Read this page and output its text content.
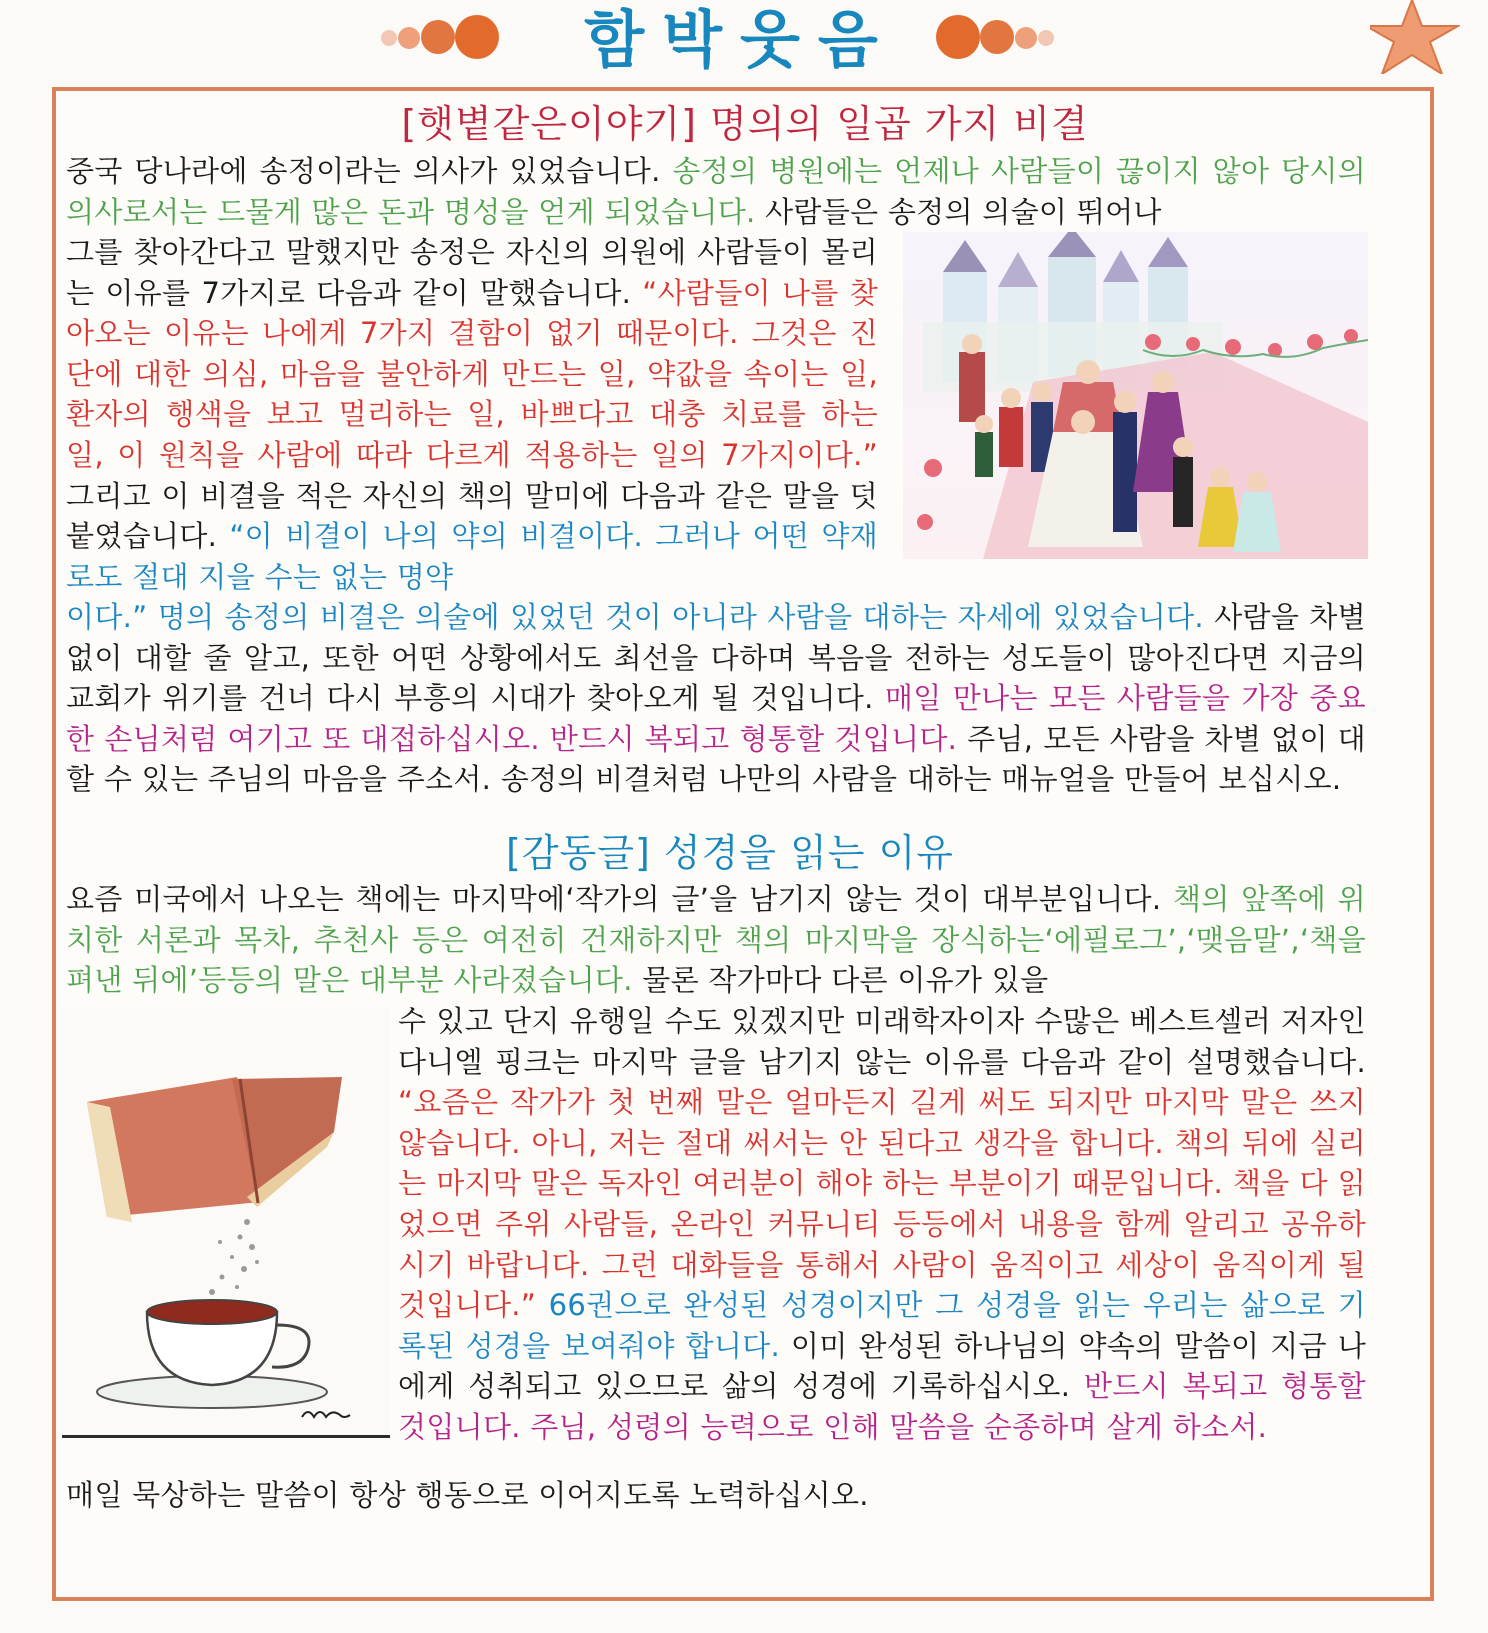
함박웃음
[햇볕같은이야기] 명의의 일곱 가지 비결

중국 당나라에 송정이라는 의사가 있었습니다. 송정의 병원에는 언제나 사람들이 끊이지 않아 당시의 의사로서는 드물게 많은 돈과 명성을 얻게 되었습니다. 사람들은 송정의 의술이 뛰어나

그를 찾아간다고 말했지만 송정은 자신의 의원에 사람들이 몰리는 이유를 7가지로 다음과 같이 말했습니다. “사람들이 나를 찾아오는 이유는 나에게 7가지 결함이 없기 때문이다. 그것은 진단에 대한 의심, 마음을 불안하게 만드는 일, 약값을 속이는 일, 환자의 행색을 보고 멀리하는 일, 바쁘다고 대충 치료를 하는 일, 이 원칙을 사람에 따라 다르게 적용하는 일의 7가지이다.” 그리고 이 비결을 적은 자신의 책의 말미에 다음과 같은 말을 덧붙였습니다. “이 비결이 나의 약의 비결이다. 그러나 어떤 약재로도 절대 지을 수는 없는 명약

이다.” 명의 송정의 비결은 의술에 있었던 것이 아니라 사람을 대하는 자세에 있었습니다. 사람을 차별 없이 대할 줄 알고, 또한 어떤 상황에서도 최선을 다하며 복음을 전하는 성도들이 많아진다면 지금의 교회가 위기를 건너 다시 부흥의 시대가 찾아오게 될 것입니다. 매일 만나는 모든 사람들을 가장 중요한 손님처럼 여기고 또 대접하십시오. 반드시 복되고 형통할 것입니다. 주님, 모든 사람을 차별 없이 대할 수 있는 주님의 마음을 주소서. 송정의 비결처럼 나만의 사람을 대하는 매뉴얼을 만들어 보십시오.

[감동글] 성경을 읽는 이유

요즘 미국에서 나오는 책에는 마지막에‘작가의 글’을 남기지 않는 것이 대부분입니다. 책의 앞쪽에 위치한 서론과 목차, 추천사 등은 여전히 건재하지만 책의 마지막을 장식하는‘에필로그’,‘맺음말’,‘책을 펴낸 뒤에’등등의 말은 대부분 사라졌습니다. 물론 작가마다 다른 이유가 있을

수 있고 단지 유행일 수도 있겠지만 미래학자이자 수많은 베스트셀러 저자인 다니엘 핑크는 마지막 글을 남기지 않는 이유를 다음과 같이 설명했습니다. “요즘은 작가가 첫 번째 말은 얼마든지 길게 써도 되지만 마지막 말은 쓰지 않습니다. 아니, 저는 절대 써서는 안 된다고 생각을 합니다. 책의 뒤에 실리는 마지막 말은 독자인 여러분이 해야 하는 부분이기 때문입니다. 책을 다 읽었으면 주위 사람들, 온라인 커뮤니티 등등에서 내용을 함께 알리고 공유하시기 바랍니다. 그런 대화들을 통해서 사람이 움직이고 세상이 움직이게 될 것입니다.” 66권으로 완성된 성경이지만 그 성경을 읽는 우리는 삶으로 기록된 성경을 보여줘야 합니다. 이미 완성된 하나님의 약속의 말씀이 지금 나에게 성취되고 있으므로 삶의 성경에 기록하십시오. 반드시 복되고 형통할 것입니다. 주님, 성령의 능력으로 인해 말씀을 순종하며 살게 하소서.

매일 묵상하는 말씀이 항상 행동으로 이어지도록 노력하십시오.
